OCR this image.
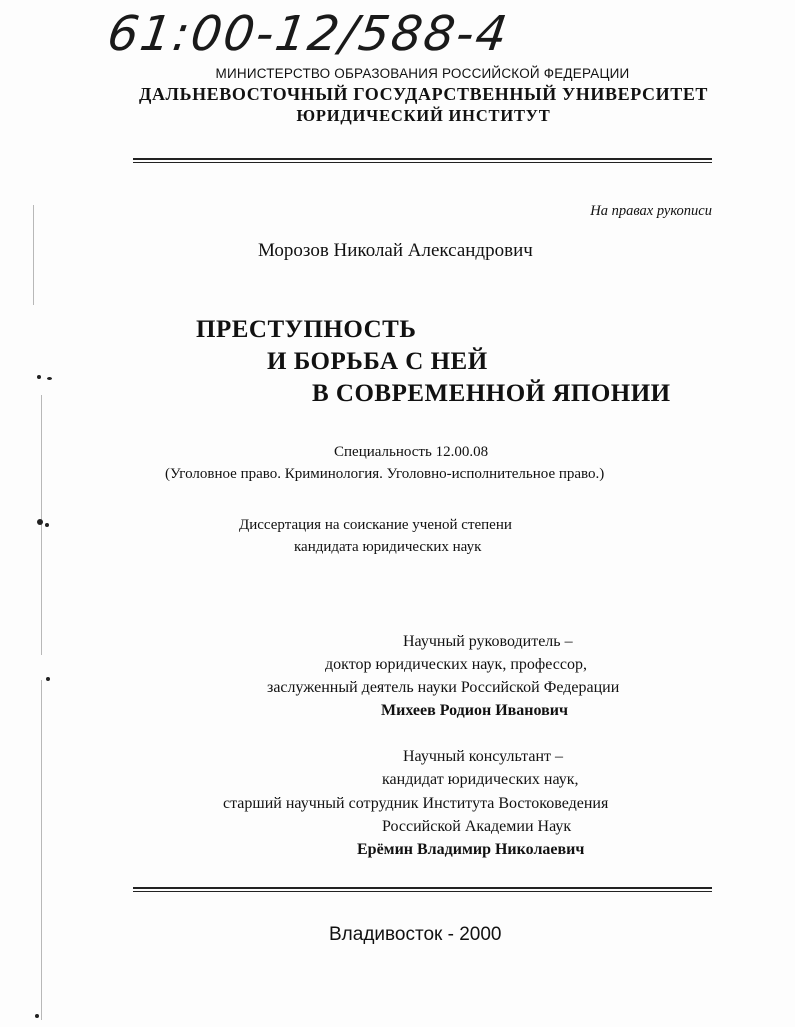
61:00-12/588-4
МИНИСТЕРСТВО ОБРАЗОВАНИЯ РОССИЙСКОЙ ФЕДЕРАЦИИ
ДАЛЬНЕВОСТОЧНЫЙ ГОСУДАРСТВЕННЫЙ УНИВЕРСИТЕТ
ЮРИДИЧЕСКИЙ ИНСТИТУТ
На правах рукописи
Морозов Николай Александрович
ПРЕСТУПНОСТЬ
И БОРЬБА С НЕЙ
В СОВРЕМЕННОЙ ЯПОНИИ
Специальность 12.00.08
(Уголовное право. Криминология. Уголовно-исполнительное право.)
Диссертация на соискание ученой степени
кандидата юридических наук
Научный руководитель –
доктор юридических наук, профессор,
заслуженный деятель науки Российской Федерации
Михеев Родион Иванович
Научный консультант –
кандидат юридических наук,
старший научный сотрудник Института Востоковедения
Российской Академии Наук
Ерёмин Владимир Николаевич
Владивосток - 2000
